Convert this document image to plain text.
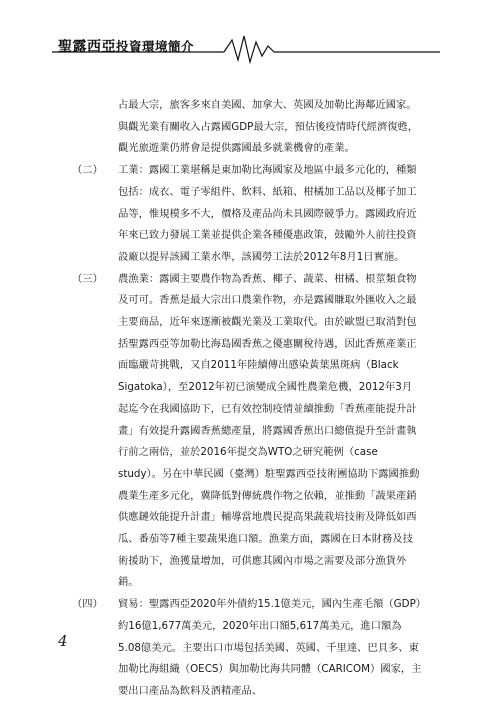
聖露西亞投資環境簡介

占最大宗，旅客多來自美國、加拿大、英國及加勒比海鄰近國家。與觀光業有關收入占露國GDP最大宗，預估後疫情時代經濟復甦，觀光旅遊業仍將會是提供露國最多就業機會的產業。

（二） 工業：露國工業堪稱是東加勒比海國家及地區中最多元化的，種類包括：成衣、電子零組件、飲料、紙箱、柑橘加工品以及椰子加工品等，惟規模多不大，價格及產品尚未具國際競爭力。露國政府近年來已致力發展工業並提供企業各種優惠政策，鼓勵外人前往投資設廠以提昇該國工業水準，該國勞工法於2012年8月1日實施。
（三） 農漁業：露國主要農作物為香蕉、椰子、蔬菜、柑橘、根莖類食物及可可。香蕉是最大宗出口農業作物，亦是露國賺取外匯收入之最主要商品，近年來逐漸被觀光業及工業取代。由於歐盟已取消對包括聖露西亞等加勒比海島國香蕉之優惠關稅待遇，因此香蕉產業正面臨嚴苛挑戰，又自2011年陸續傳出感染黃葉黑斑病（Black Sigatoka），至2012年初已演變成全國性農業危機，2012年3月起迄今在我國協助下，已有效控制疫情並續推動「香蕉產能提升計畫」有效提升露國香蕉總產量，將露國香蕉出口總值提升至計畫執行前之兩倍，並於2016年提交為WTO之研究範例（case study）。另在中華民國（臺灣）駐聖露西亞技術團協助下露國推動農業生產多元化，冀降低對傳統農作物之依賴，並推動「蔬果產銷供應鏈效能提升計畫」輔導當地農民提高果蔬栽培技術及降低如西瓜、番茄等7種主要蔬果進口額。漁業方面，露國在日本財務及技術援助下，漁獲量增加，可供應其國內市場之需要及部分漁貨外銷。
（四） 貿易：聖露西亞2020年外債約15.1億美元，國內生產毛額（GDP）約16億1,677萬美元，2020年出口額5,617萬美元，進口額為5.08億美元。主要出口市場包括美國、英國、千里達、巴貝多、東加勒比海組織（OECS）與加勒比海共同體（CARICOM）國家，主要出口產品為飲料及酒精產品、
4
